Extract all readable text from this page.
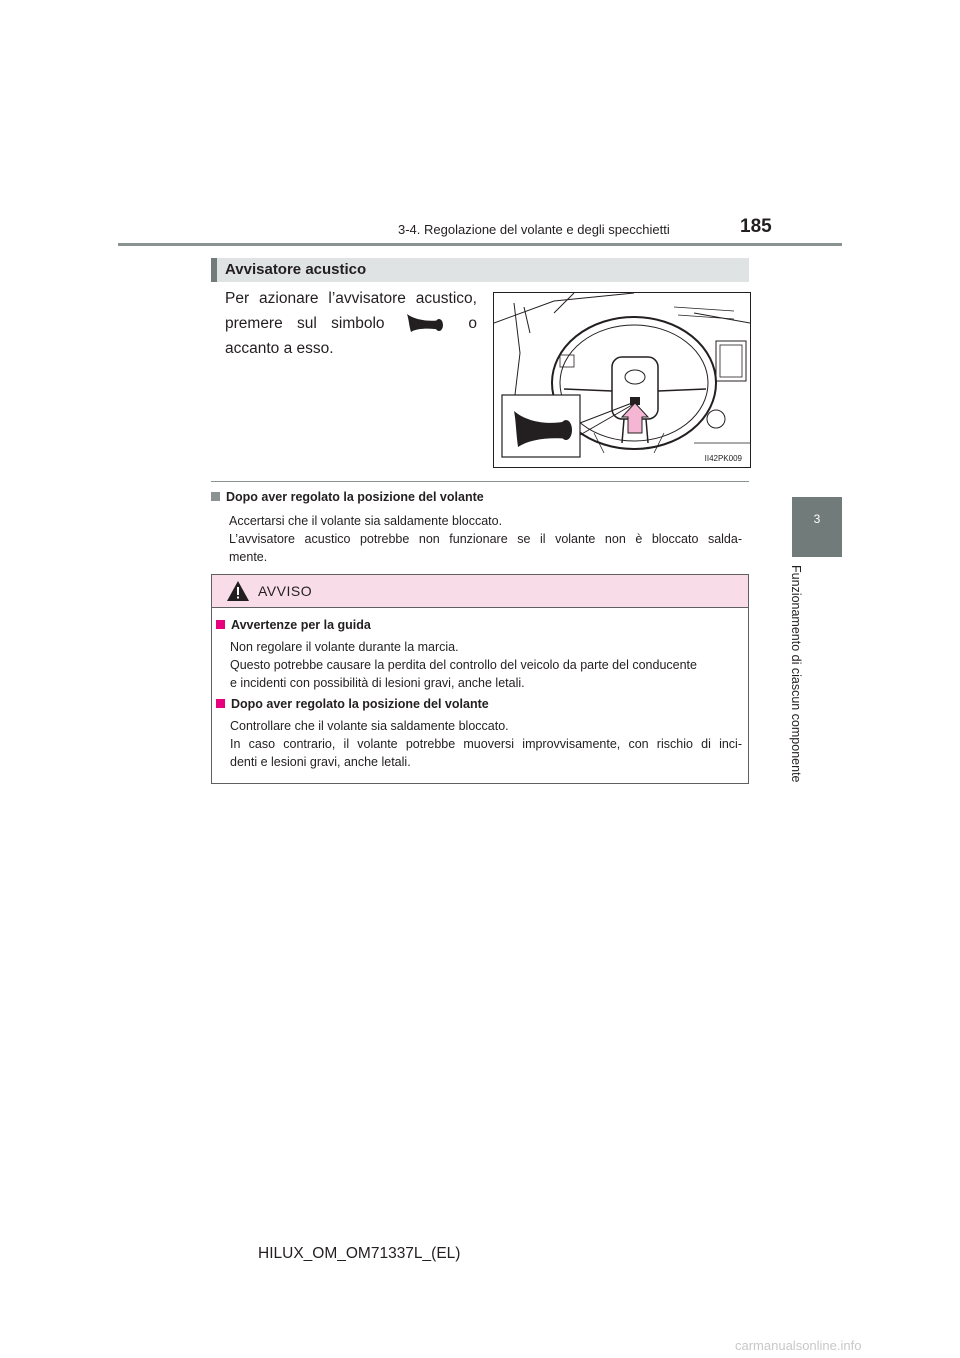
3-4. Regolazione del volante e degli specchietti	185
3
Funzionamento di ciascun componente
Avvisatore acustico
Per azionare l’avvisatore acustico,
premere sul simbolo	o
accanto a esso.
II42PK009
Dopo aver regolato la posizione del volante
Accertarsi che il volante sia saldamente bloccato.
L’avvisatore acustico potrebbe non funzionare se il volante non è bloccato salda-
mente.
AVVISO
Avvertenze per la guida
Non regolare il volante durante la marcia.
Questo potrebbe causare la perdita del controllo del veicolo da parte del conducente
e incidenti con possibilità di lesioni gravi, anche letali.
Dopo aver regolato la posizione del volante
Controllare che il volante sia saldamente bloccato.
In caso contrario, il volante potrebbe muoversi improvvisamente, con rischio di inci-
denti e lesioni gravi, anche letali.
HILUX_OM_OM71337L_(EL)
carmanualsonline.info
